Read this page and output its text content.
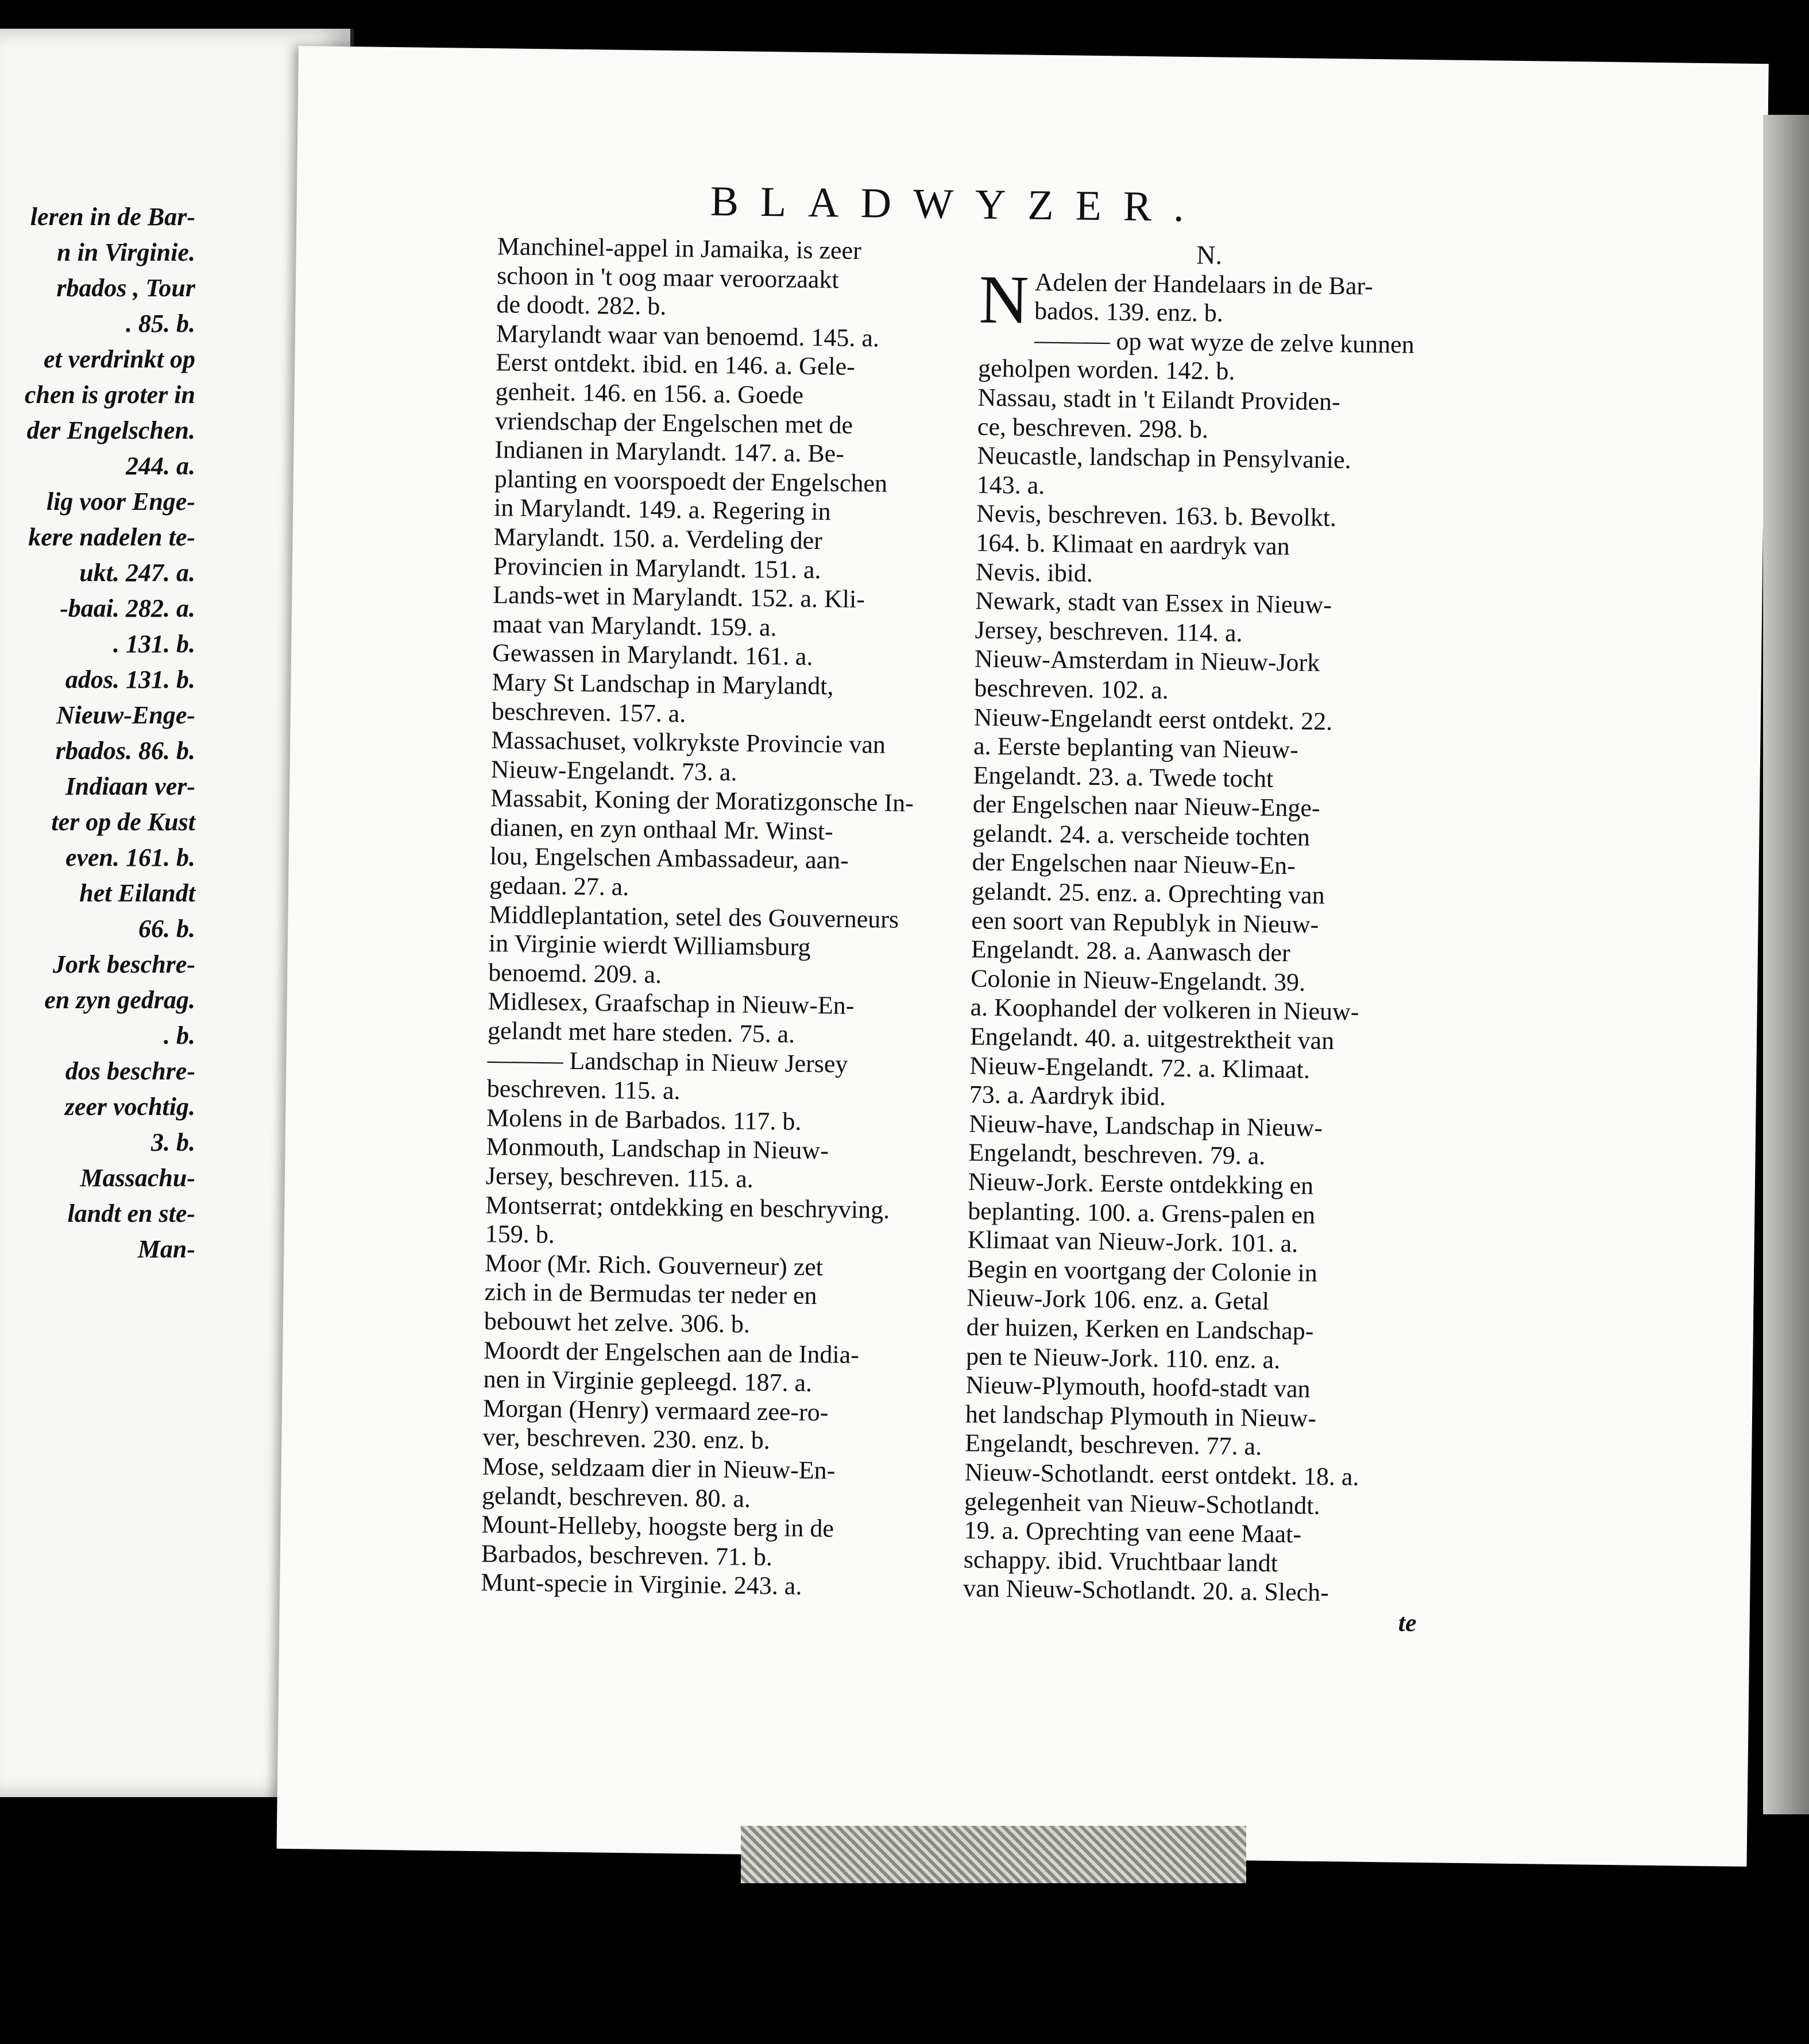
leren in de Bar-
n in Virginie.
rbados , Tour
. 85. b.
et verdrinkt op
chen is groter in
der Engelschen.
244. a.
lig voor Enge-
kere nadelen te-
ukt. 247. a.
-baai. 282. a.
. 131. b.
ados. 131. b.
Nieuw-Enge-
rbados. 86. b.
Indiaan ver-
ter op de Kust
even. 161. b.
het Eilandt
66. b.
Jork beschre-
en zyn gedrag.
. b.
dos beschre-
zeer vochtig.
3. b.
Massachu-
landt en ste-
Man-
BLADWYZER.
Manchinel-appel in Jamaika, is zeer
schoon in 't oog maar veroorzaakt
de doodt. 282. b.
Marylandt waar van benoemd. 145. a.
Eerst ontdekt. ibid. en 146. a. Gele-
genheit. 146. en 156. a. Goede
vriendschap der Engelschen met de
Indianen in Marylandt. 147. a. Be-
planting en voorspoedt der Engelschen
in Marylandt. 149. a. Regering in
Marylandt. 150. a. Verdeling der
Provincien in Marylandt. 151. a.
Lands-wet in Marylandt. 152. a. Kli-
maat van Marylandt. 159. a.
Gewassen in Marylandt. 161. a.
Mary St Landschap in Marylandt,
beschreven. 157. a.
Massachuset, volkrykste Provincie van
Nieuw-Engelandt. 73. a.
Massabit, Koning der Moratizgonsche In-
dianen, en zyn onthaal Mr. Winst-
lou, Engelschen Ambassadeur, aan-
gedaan. 27. a.
Middleplantation, setel des Gouverneurs
in Virginie wierdt Williamsburg
benoemd. 209. a.
Midlesex, Graafschap in Nieuw-En-
gelandt met hare steden. 75. a.
——— Landschap in Nieuw Jersey
beschreven. 115. a.
Molens in de Barbados. 117. b.
Monmouth, Landschap in Nieuw-
Jersey, beschreven. 115. a.
Montserrat; ontdekking en beschryving.
159. b.
Moor (Mr. Rich. Gouverneur) zet
zich in de Bermudas ter neder en
bebouwt het zelve. 306. b.
Moordt der Engelschen aan de India-
nen in Virginie gepleegd. 187. a.
Morgan (Henry) vermaard zee-ro-
ver, beschreven. 230. enz. b.
Mose, seldzaam dier in Nieuw-En-
gelandt, beschreven. 80. a.
Mount-Helleby, hoogste berg in de
Barbados, beschreven. 71. b.
Munt-specie in Virginie. 243. a.
N.
N Adelen der Handelaars in de Bar-
bados. 139. enz. b.
——— op wat wyze de zelve kunnen
geholpen worden. 142. b.
Nassau, stadt in 't Eilandt Providen-
ce, beschreven. 298. b.
Neucastle, landschap in Pensylvanie.
143. a.
Nevis, beschreven. 163. b. Bevolkt.
164. b. Klimaat en aardryk van
Nevis. ibid.
Newark, stadt van Essex in Nieuw-
Jersey, beschreven. 114. a.
Nieuw-Amsterdam in Nieuw-Jork
beschreven. 102. a.
Nieuw-Engelandt eerst ontdekt. 22.
a. Eerste beplanting van Nieuw-
Engelandt. 23. a. Twede tocht
der Engelschen naar Nieuw-Enge-
gelandt. 24. a. verscheide tochten
der Engelschen naar Nieuw-En-
gelandt. 25. enz. a. Oprechting van
een soort van Republyk in Nieuw-
Engelandt. 28. a. Aanwasch der
Colonie in Nieuw-Engelandt. 39.
a. Koophandel der volkeren in Nieuw-
Engelandt. 40. a. uitgestrektheit van
Nieuw-Engelandt. 72. a. Klimaat.
73. a. Aardryk ibid.
Nieuw-have, Landschap in Nieuw-
Engelandt, beschreven. 79. a.
Nieuw-Jork. Eerste ontdekking en
beplanting. 100. a. Grens-palen en
Klimaat van Nieuw-Jork. 101. a.
Begin en voortgang der Colonie in
Nieuw-Jork 106. enz. a. Getal
der huizen, Kerken en Landschap-
pen te Nieuw-Jork. 110. enz. a.
Nieuw-Plymouth, hoofd-stadt van
het landschap Plymouth in Nieuw-
Engelandt, beschreven. 77. a.
Nieuw-Schotlandt. eerst ontdekt. 18. a.
gelegenheit van Nieuw-Schotlandt.
19. a. Oprechting van eene Maat-
schappy. ibid. Vruchtbaar landt
van Nieuw-Schotlandt. 20. a. Slech-
te
